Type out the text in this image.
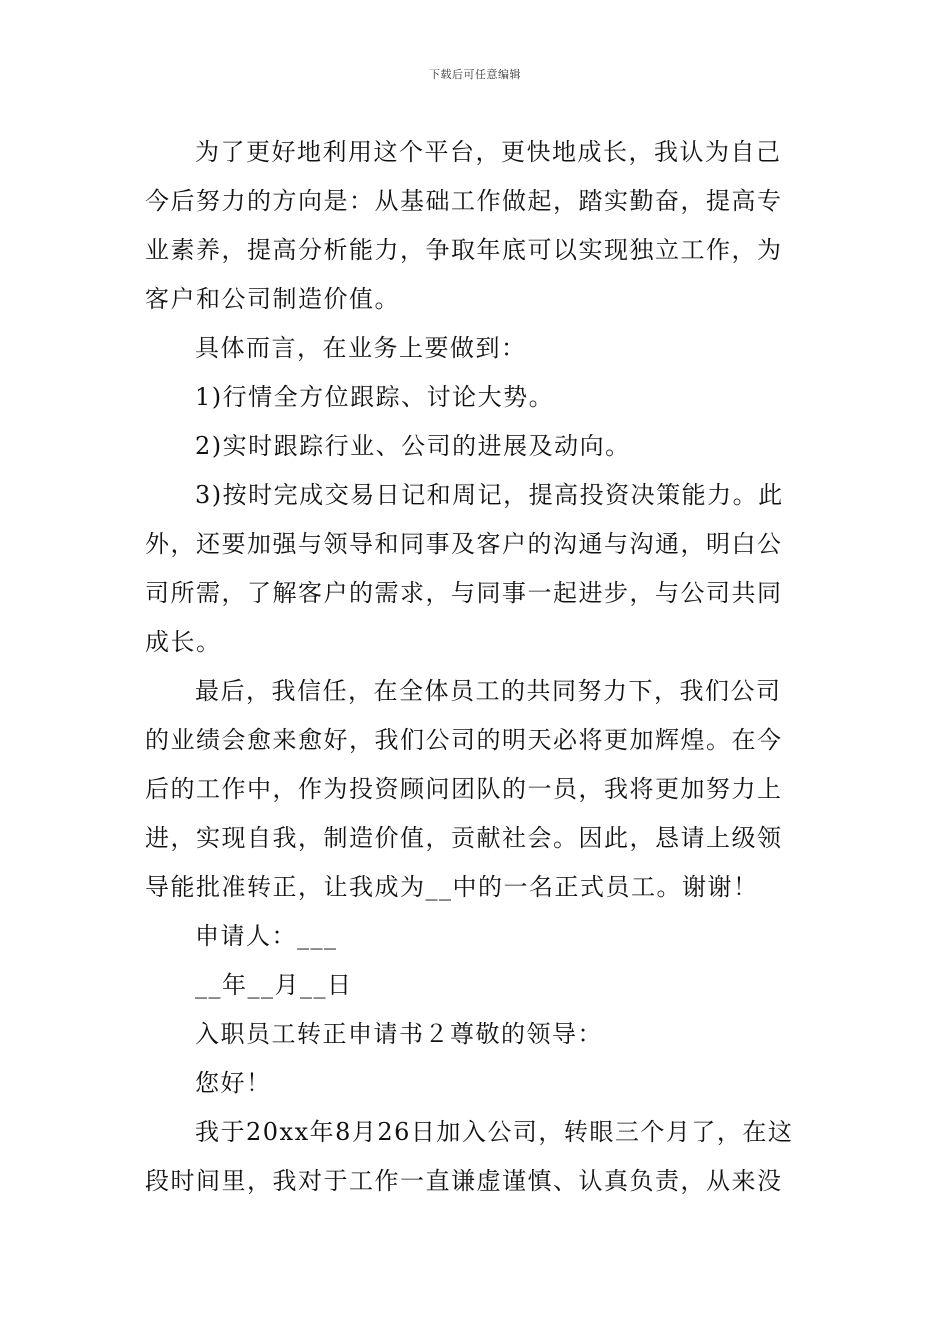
下载后可任意编辑
为了更好地利用这个平台，更快地成长，我认为自己
今后努力的方向是：从基础工作做起，踏实勤奋，提高专
业素养，提高分析能力，争取年底可以实现独立工作，为
客户和公司制造价值。
具体而言，在业务上要做到：
1)行情全方位跟踪、讨论大势。
2)实时跟踪行业、公司的进展及动向。
3)按时完成交易日记和周记，提高投资决策能力。此
外，还要加强与领导和同事及客户的沟通与沟通，明白公
司所需，了解客户的需求，与同事一起进步，与公司共同
成长。
最后，我信任，在全体员工的共同努力下，我们公司
的业绩会愈来愈好，我们公司的明天必将更加辉煌。在今
后的工作中，作为投资顾问团队的一员，我将更加努力上
进，实现自我，制造价值，贡献社会。因此，恳请上级领
导能批准转正，让我成为__中的一名正式员工。谢谢！
申请人：___
__年__月__日
入职员工转正申请书２尊敬的领导：
您好！
我于20xx年8月26日加入公司，转眼三个月了，在这
段时间里，我对于工作一直谦虚谨慎、认真负责，从来没
